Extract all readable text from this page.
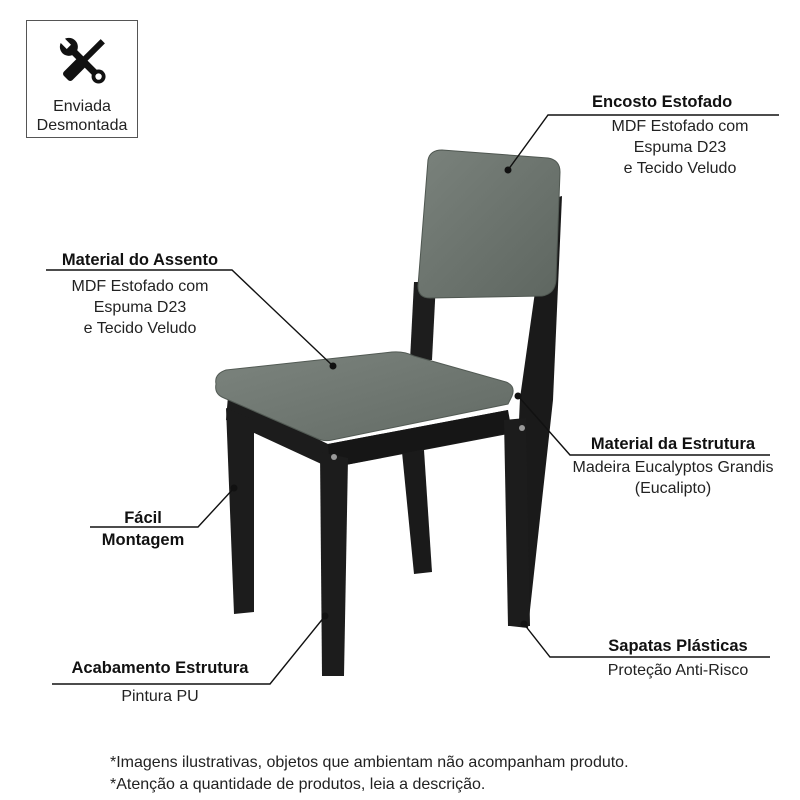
Enviada
Desmontada
Encosto Estofado
MDF Estofado com
Espuma D23
e Tecido Veludo
Material do Assento
MDF Estofado com
Espuma D23
e Tecido Veludo
Material da Estrutura
Madeira Eucalyptos Grandis
(Eucalipto)
Fácil
Montagem
Acabamento Estrutura
Pintura PU
Sapatas Plásticas
Proteção Anti-Risco
*Imagens ilustrativas, objetos que ambientam não acompanham produto.
*Atenção a quantidade de produtos, leia a descrição.
